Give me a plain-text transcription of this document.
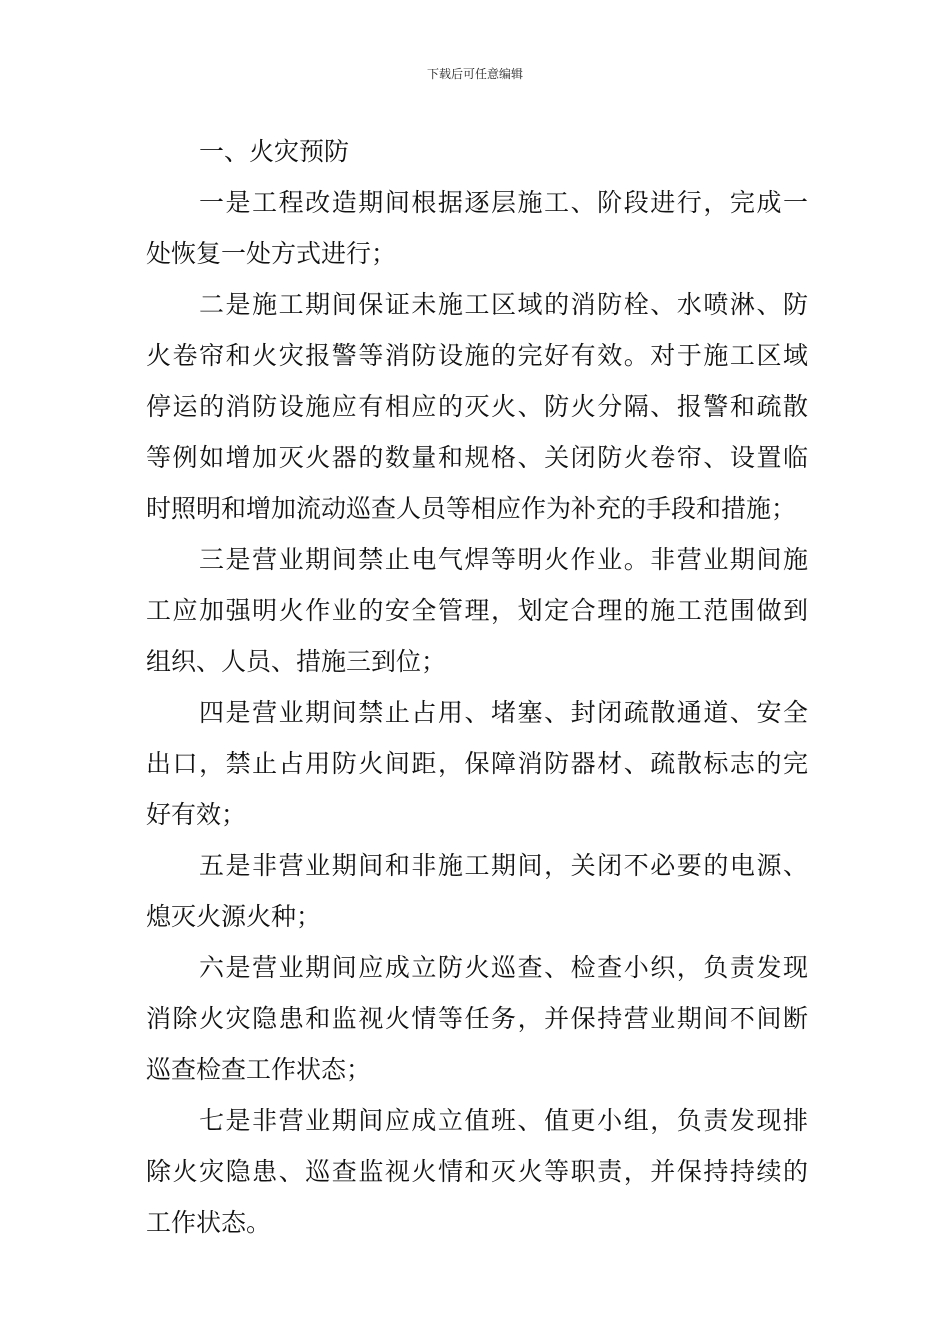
下载后可任意编辑
一、火灾预防
一是工程改造期间根据逐层施工、阶段进行，完成一
处恢复一处方式进行；
二是施工期间保证未施工区域的消防栓、水喷淋、防
火卷帘和火灾报警等消防设施的完好有效。对于施工区域
停运的消防设施应有相应的灭火、防火分隔、报警和疏散
等例如增加灭火器的数量和规格、关闭防火卷帘、设置临
时照明和增加流动巡查人员等相应作为补充的手段和措施；
三是营业期间禁止电气焊等明火作业。非营业期间施
工应加强明火作业的安全管理，划定合理的施工范围做到
组织、人员、措施三到位；
四是营业期间禁止占用、堵塞、封闭疏散通道、安全
出口，禁止占用防火间距，保障消防器材、疏散标志的完
好有效；
五是非营业期间和非施工期间，关闭不必要的电源、
熄灭火源火种；
六是营业期间应成立防火巡查、检查小织，负责发现
消除火灾隐患和监视火情等任务，并保持营业期间不间断
巡查检查工作状态；
七是非营业期间应成立值班、值更小组，负责发现排
除火灾隐患、巡查监视火情和灭火等职责，并保持持续的
工作状态。
